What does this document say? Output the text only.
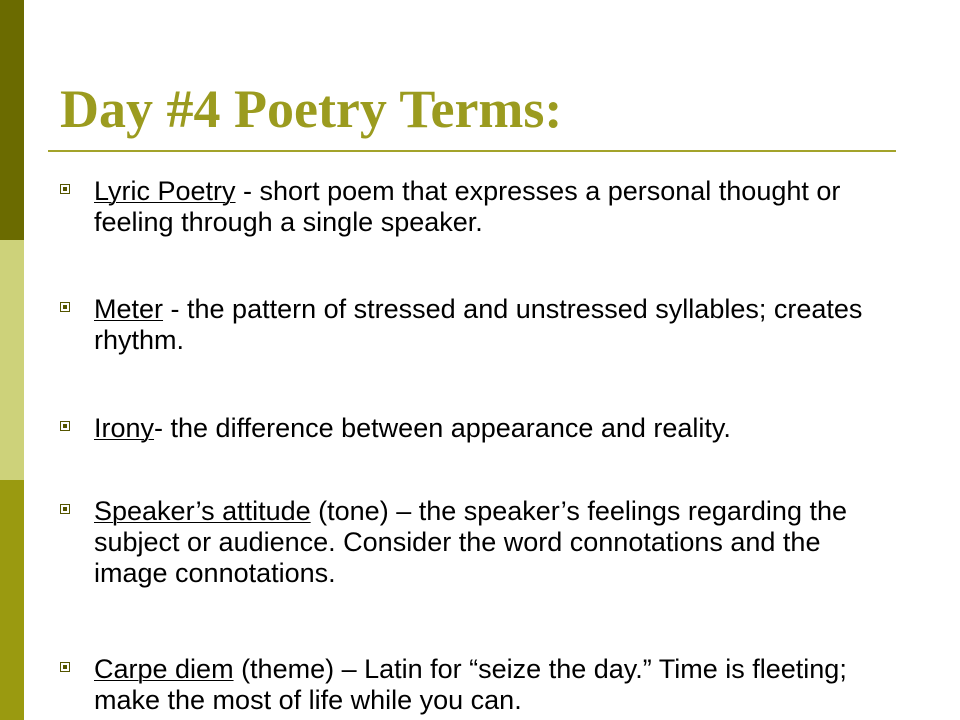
Day #4 Poetry Terms:
Lyric Poetry - short poem that expresses a personal thought or feeling through a single speaker.
Meter - the pattern of stressed and unstressed syllables; creates rhythm.
Irony- the difference between appearance and reality.
Speaker’s attitude (tone) – the speaker’s feelings regarding the subject or audience. Consider the word connotations and the image connotations.
Carpe diem (theme) – Latin for “seize the day.” Time is fleeting; make the most of life while you can.
